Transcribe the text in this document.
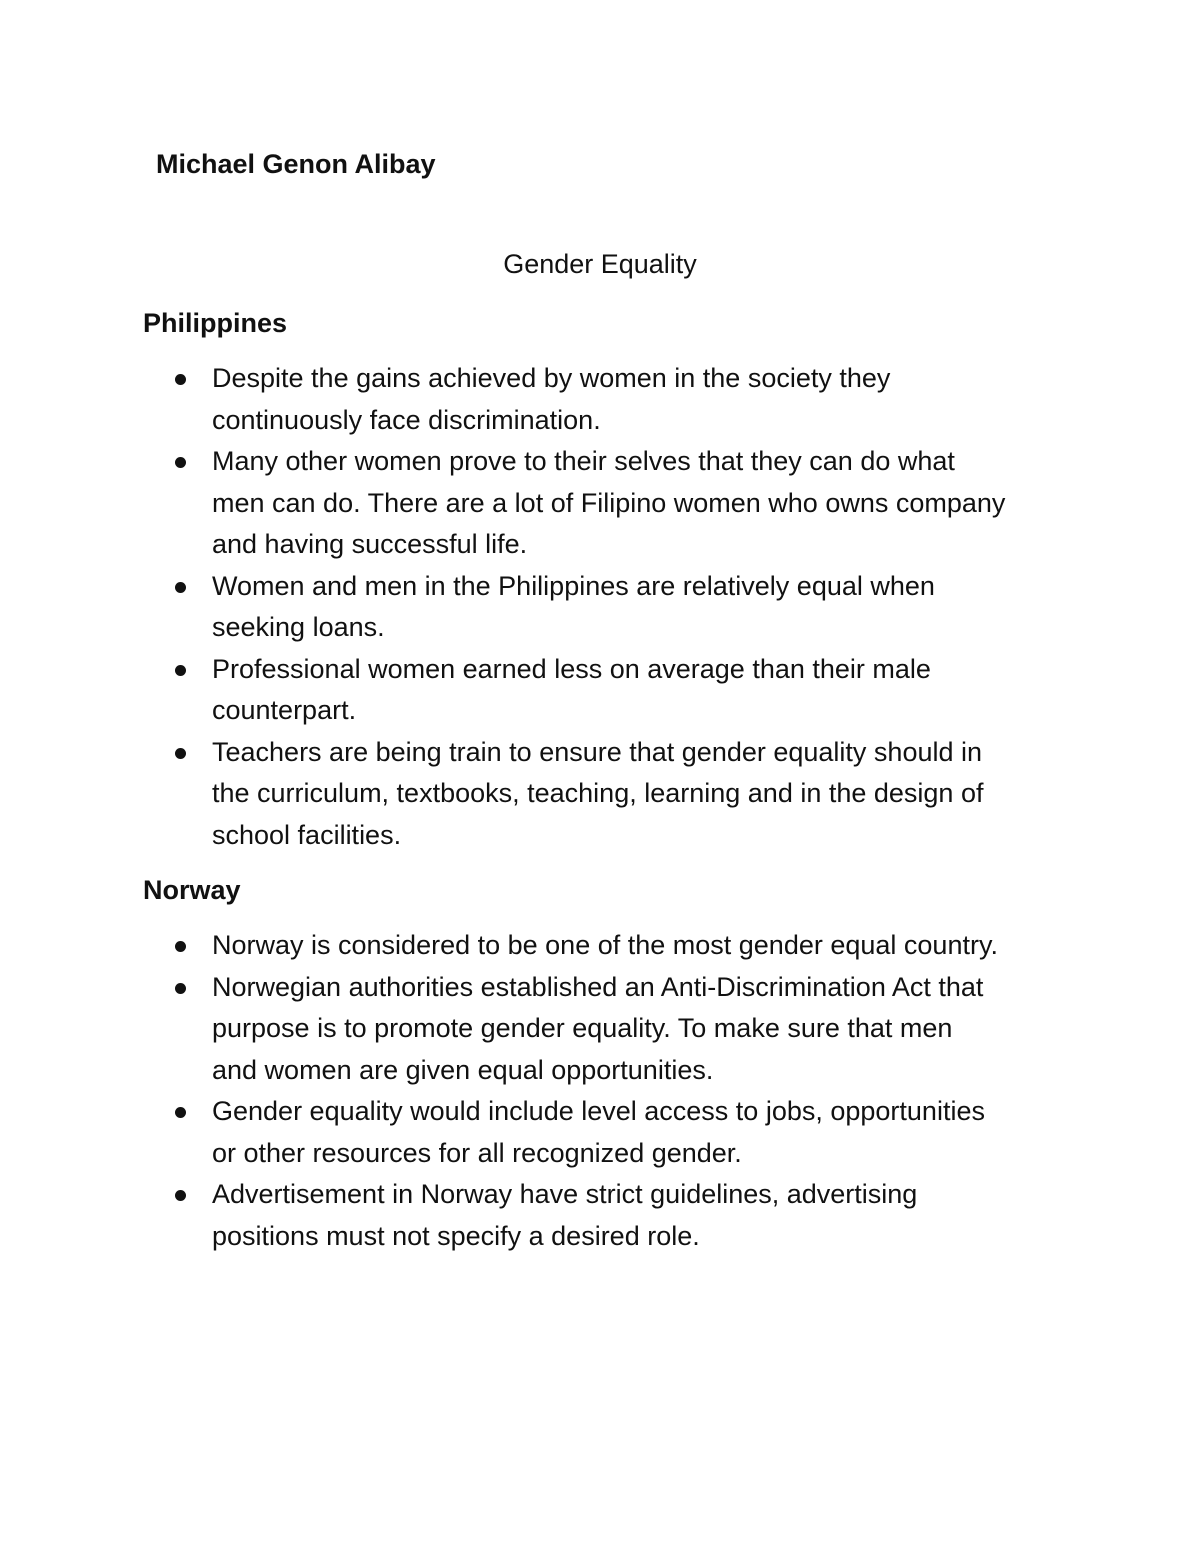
Michael Genon Alibay
Gender Equality
Philippines
Despite the gains achieved by women in the society they
continuously face discrimination.
Many other women prove to their selves that they can do what
men can do. There are a lot of Filipino women who owns company
and having successful life.
Women and men in the Philippines are relatively equal when
seeking loans.
Professional women earned less on average than their male
counterpart.
Teachers are being train to ensure that gender equality should in
the curriculum, textbooks, teaching, learning and in the design of
school facilities.
Norway
Norway is considered to be one of the most gender equal country.
Norwegian authorities established an Anti-Discrimination Act that
purpose is to promote gender equality. To make sure that men
and women are given equal opportunities.
Gender equality would include level access to jobs, opportunities
or other resources for all recognized gender.
Advertisement in Norway have strict guidelines, advertising
positions must not specify a desired role.
